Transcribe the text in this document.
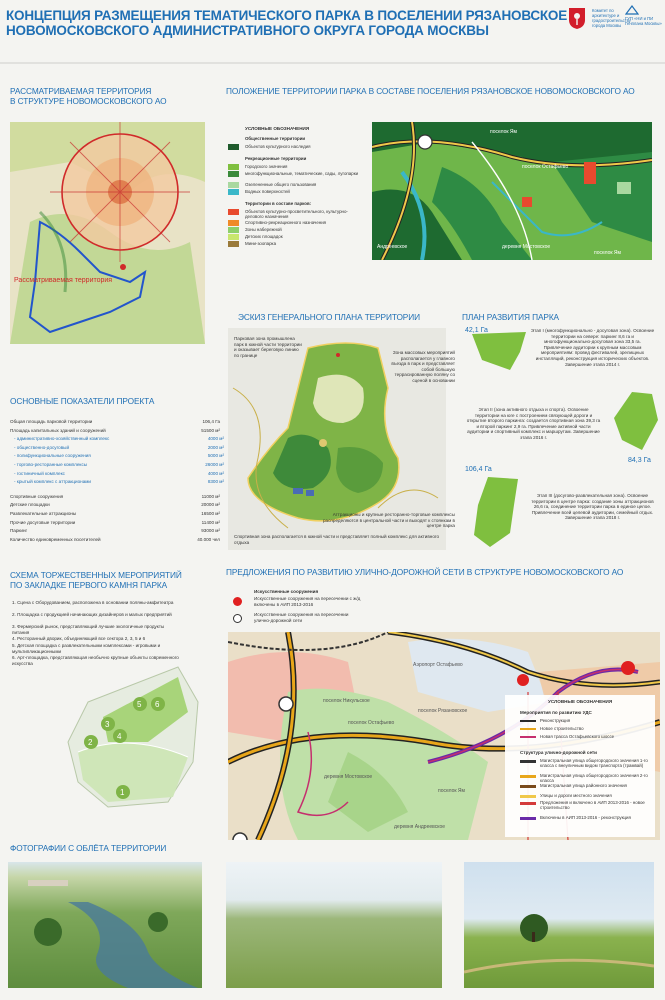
КОНЦЕПЦИЯ РАЗМЕЩЕНИЯ ТЕМАТИЧЕСКОГО ПАРКА В ПОСЕЛЕНИИ РЯЗАНОВСКОЕ
НОВОМОСКОВСКОГО АДМИНИСТРАТИВНОГО ОКРУГА ГОРОДА МОСКВЫ
Комитет по архитектуре и градостроительству города Москвы
ГУП «НИ и ПИ Генплана Москвы»
РАССМАТРИВАЕМАЯ ТЕРРИТОРИЯ
В СТРУКТУРЕ НОВОМОСКОВСКОГО АО
Рассматриваемая территория
ПОЛОЖЕНИЕ ТЕРРИТОРИИ ПАРКА В СОСТАВЕ ПОСЕЛЕНИЯ РЯЗАНОВСКОЕ НОВОМОСКОВСКОГО АО
УСЛОВНЫЕ ОБОЗНАЧЕНИЯ
Общественные территории
Объектов культурного наследия
Рекреационные территории
Городского значения
многофункциональные, тематические, сады, лугопарки
Озелененные общего пользования
Водных поверхностей
Территории в составе парков:
Объектов культурно-просветительного, культурно-делового назначения
Спортивно-рекреационного назначения
Зоны набережной
Детских площадок
Мини-зоопарка
поселок Ям
поселок Остафьево
деревня Мостовское
Андреевское
поселок Ям
ЭСКИЗ ГЕНЕРАЛЬНОГО ПЛАНА ТЕРРИТОРИИ
Парковая зона промышлена парк в южной части территории и оказывает береговую линию по границе	Зона массовых мероприятий располагается у главного въезда в парк и представляет собой большую террасированную поляну со сценой в основании
Аттракционы и крупные ресторанно-торговые комплексы распределяются в центральной части и выходят к стоянкам в центре парка
Спортивная зона располагается в южной части и представляет полный комплекс для активного отдыха
ПЛАН РАЗВИТИЯ ПАРКА
42,1 Га	Этап I (многофункционально - досуговая зона). Освоение территории на севере: паркинг 8,6 га и многофункционально-досуговая зона 33,5 га. Привлечение аудитории к крупным массовым мероприятиям: провед фестивалей, зрелищных инсталляций, реконструкция исторических объектов. Завершение этапа 2014 г.
84,3 Га
Этап II (зона активного отдыха и спорта). Освоение территории на юге с построением связующей дороги и открытие второго паркинга: создается спортивная зона 39,3 га и второй паркинг 2,9 га. Привлечение активной части аудитории и спортивный комплекс и маршрутам. Завершение этапа 2016 г.
106,4 Га
Этап III (досугово-развлекательная зона). Освоение территории в центре парка: создание зоны аттракционов 26,6 га, соединение территории парка в единое целое. Привлечение всей целевой аудитории, семейный отдых. Завершение этапа 2018 г.
ОСНОВНЫЕ ПОКАЗАТЕЛИ ПРОЕКТА
Общая площадь парковой территории	106,4 Га
Площадь капитальных зданий и сооружений	51500 м²
- административно-хозяйственный комплекс	4000 м²
- общественно-досуговый	2000 м²
- полифункциональные сооружения	5000 м²
- торгово-ресторанные комплексы	26000 м²
- гостиничный комплекс	4000 м²
- крытый комплекс с аттракционами	8300 м²
Спортивные сооружения	11000 м²
Детские площадки	20000 м²
Развлекательные аттракционы	16500 м²
Прочие досуговые территории	11400 м²
Паркинг	93000 м²
Количество единовременных посетителей	40.000 чел
СХЕМА ТОРЖЕСТВЕННЫХ МЕРОПРИЯТИЙ
ПО ЗАКЛАДКЕ ПЕРВОГО КАМНЯ ПАРКА
1. Сцена с Оборудованием, расположена в основании поляны-амфитеатра
2. Площадка с продукцией начинающих дизайнеров и малых предприятий
3. Фермерский рынок, представляющий лучшие экологичные продукты питания
4. Ресторанный дворик, объединяющий все сектора 2, 3, 5 и 6
5. Детская площадка с развлекательными комплексами - игровыми и мультипликационными
6. Арт-площадка, представляющая необычно крупные объекты современного искусства
2
3
4
5 6
1
ПРЕДЛОЖЕНИЯ ПО РАЗВИТИЮ УЛИЧНО-ДОРОЖНОЙ СЕТИ В СТРУКТУРЕ НОВОМОСКОВСКОГО АО
Искусственные сооружения
Искусственные сооружения на пересечении с ж/д включены в АИП 2013-2016
Искусственные сооружения на пересечении улично-дорожной сети
Аэропорт Остафьево
поселок Остафьево
деревня Мостовское
поселок Никульское
деревня Андреевское
поселок Ям
поселок Рязановское
УСЛОВНЫЕ ОБОЗНАЧЕНИЯ
Мероприятия по развитию УДС
Реконструкция
Новое строительство
Новая трасса Остафьевского шоссе
Структура улично-дорожной сети
Магистральная улица общегородского значения 1-го класса с внеуличным видом транспорта (трамвай)
Магистральная улица общегородского значения 2-го класса
Магистральная улица районного значения
Улицы и дороги местного значения
Предложения и включено в АИП 2013-2016 - новое строительство
Включены в АИП 2013-2016 - реконструкция
ФОТОГРАФИИ С ОБЛЁТА ТЕРРИТОРИИ
